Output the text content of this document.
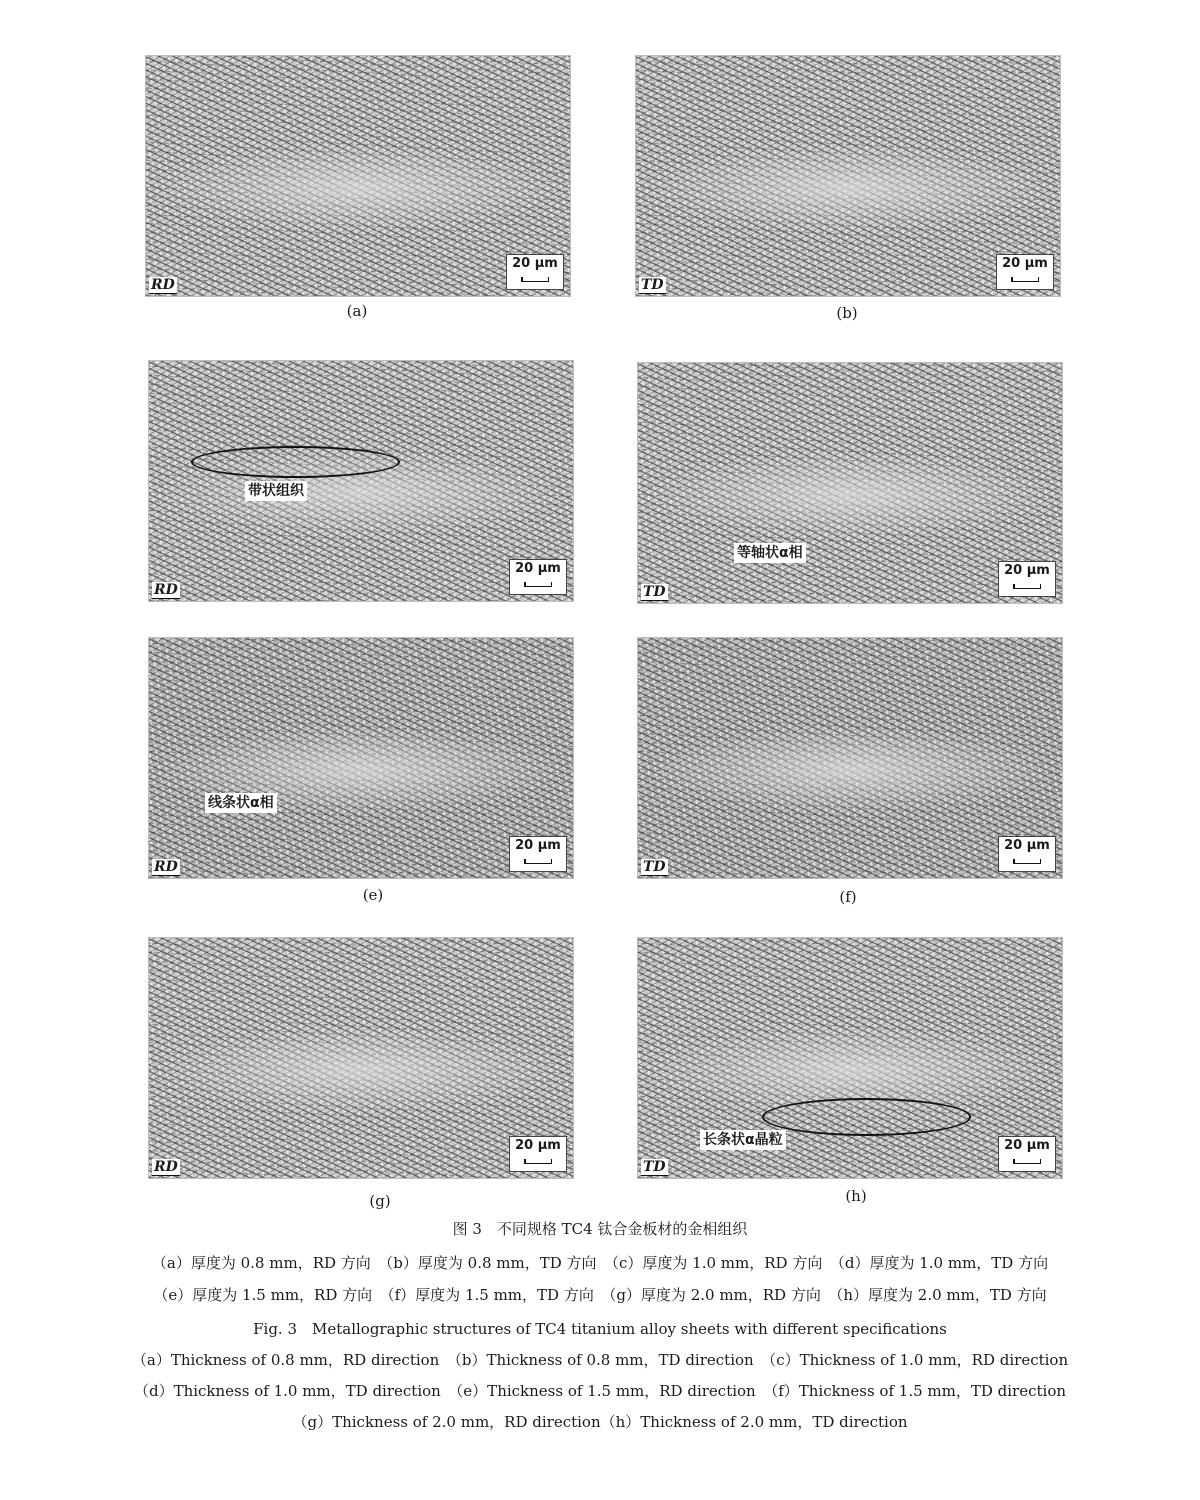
RD
20 μm
(a)
TD
20 μm
(b)
带状组织
RD
20 μm
等轴状α相
TD
20 μm
线条状α相
RD
20 μm
(e)
TD
20 μm
(f)
RD
20 μm
(g)
长条状α晶粒
TD
20 μm
(h)
图 3　不同规格 TC4 钛合金板材的金相组织
（a）厚度为 0.8 mm，RD 方向　（b）厚度为 0.8 mm，TD 方向　（c）厚度为 1.0 mm，RD 方向　（d）厚度为 1.0 mm，TD 方向
（e）厚度为 1.5 mm，RD 方向　（f）厚度为 1.5 mm，TD 方向　（g）厚度为 2.0 mm，RD 方向　（h）厚度为 2.0 mm，TD 方向
Fig. 3　Metallographic structures of TC4 titanium alloy sheets with different specifications
（a）Thickness of 0.8 mm，RD direction　（b）Thickness of 0.8 mm，TD direction　（c）Thickness of 1.0 mm，RD direction
（d）Thickness of 1.0 mm，TD direction　（e）Thickness of 1.5 mm，RD direction　（f）Thickness of 1.5 mm，TD direction
（g）Thickness of 2.0 mm，RD direction（h）Thickness of 2.0 mm，TD direction
